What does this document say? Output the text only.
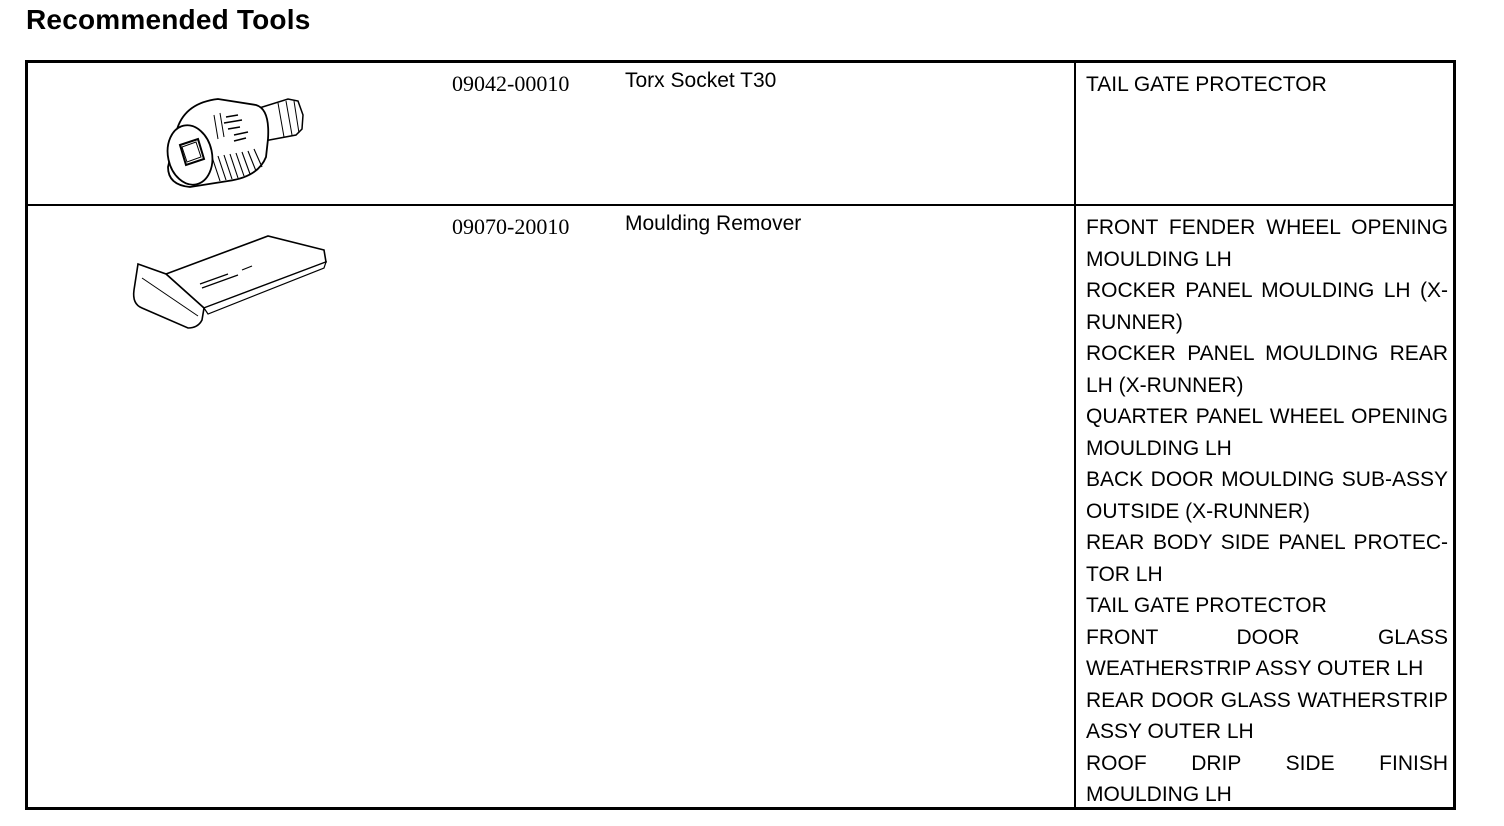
Recommended Tools
09042-00010	Torx Socket T30	TAIL GATE PROTECTOR
09070-20010	Moulding Remover	FRONT FENDER WHEEL OPENING MOULDING LH
ROCKER PANEL MOULDING LH (X-RUNNER)
ROCKER PANEL MOULDING REAR LH (X-RUNNER)
QUARTER PANEL WHEEL OPENING MOULDING LH
BACK DOOR MOULDING SUB-ASSY OUTSIDE (X-RUNNER)
REAR BODY SIDE PANEL PROTEC-TOR LH
TAIL GATE PROTECTOR
FRONT DOOR GLASS WEATHERSTRIP ASSY OUTER LH
REAR DOOR GLASS WATHERSTRIP ASSY OUTER LH
ROOF DRIP SIDE FINISH MOULDING LH
